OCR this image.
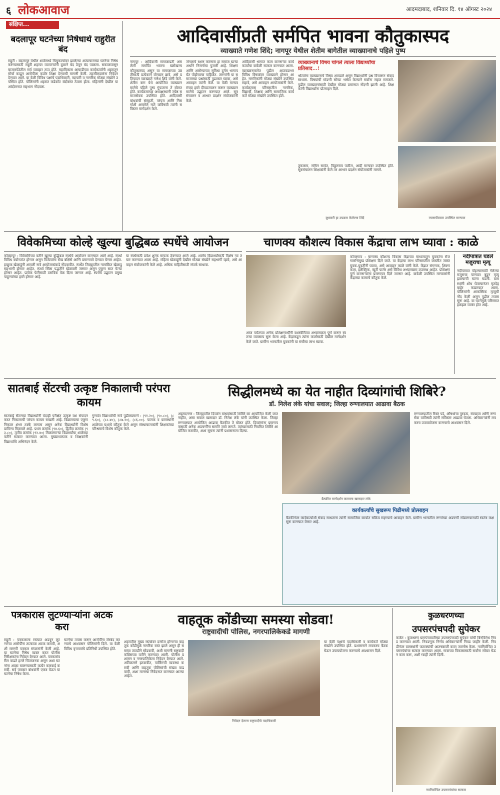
६ लोकआवाज	आदमदाबाद, शनिवार दि. १४ ऑगस्ट २०२४
संक्षिप्त...
बदलापूर घटनेच्या निषेधार्थ राहुरीत बंद
राहुरी : बदलापूर येथील शाळेमध्ये चिमुकल्यांवर झालेल्या अत्याचाराच्या घटनेचा निषेध करण्यासाठी राहुरी शहरात व्यापाऱ्यांनी दुकाने बंद ठेवून बंद पाळला. सकाळपासून बाजारपेठेतील सर्व व्यवहार ठप्प होते. महाविकास आघाडीच्या कार्यकर्त्यांनी शहरातून मोर्चा काढून आरोपीला कठोर शिक्षा देण्याची मागणी केली. तहसीलदारांना निवेदन देण्यात आले. या वेळी विविध पक्षांचे पदाधिकारी, व्यापारी व नागरिक मोठ्या संख्येने उपस्थित होते. पोलिसांनी शहरात कडेकोट बंदोबस्त ठेवला होता. महिलांनी देखील या आंदोलनात सहभाग नोंदवला.
आदिवासींप्रती सर्मपित भावना कौतुकास्पद
व्याख्याते गणेश शिंदे; नागपूर येथील शेतीम बागेतील व्याख्यानाचे पहिले पुष्प
नागपूर : आदिवासी समाजाप्रती असलेली समर्पित भावना खरोखरच कौतुकास्पद असून या समाजाच्या उन्नतीसाठी प्रत्येकाने योगदान द्यावे, असे प्रतिपादन व्याख्याते गणेश शिंदे यांनी केले. शेतीम बाग येथे आयोजित व्याख्यानमालेचे पहिले पुष्प गुंफताना ते बोलत होते. कार्यक्रमाच्या अध्यक्षस्थानी ज्येष्ठ समाजसेवक उपस्थित होते. आदिवासी बांधवांची संस्कृती, परंपरा आणि निसर्गाशी असलेले नाते याविषयी त्यांनी सविस्तर मार्गदर्शन केले.
जंगलाचे रक्षण करणारा हा समाज खऱ्या अर्थाने निसर्गाचा पुजारी आहे. शिक्षण आणि आरोग्याच्या सुविधा दुर्गम भागापर्यंत पोहोचल्या पाहिजेत. तरुणांनी या समाजाच्या प्रश्नांसाठी पुढाकार घ्यावा, असे आवाहन त्यांनी केले. या वेळी मान्यवरांच्या हस्ते दीपप्रज्वलन करून व्याख्यानमालेचे उद्घाटन करण्यात आले. सूत्रसंचालन व आभार प्रदर्शन संयोजकांनी केले.
आदिवासी भागात काम करणाऱ्या कार्यकर्त्यांचा यावेळी सत्कार करण्यात आला. व्याख्यानमालेत पुढील आठवडाभर विविध विषयांवर व्याख्याने होणार आहेत. नागरिकांनी मोठ्या संख्येने उपस्थित राहावे, असे आवाहन आयोजकांनी केले. कार्यक्रमास परिसरातील नागरिक, विद्यार्थी, शिक्षक आणि सामाजिक कार्यकर्ते मोठ्या संख्येने उपस्थित होते.
व्याख्यानाचे विषय चांगले त्याला विद्यार्थ्यांचा प्रतिसाद...!
श्रोत्यांना व्याख्यानाचे विषय आवडले असून विद्यार्थ्यांनी प्रश्न विचारून संवाद साधला. विषयांची मांडणी सोप्या भाषेत केल्याने सर्वांना सहज समजले. पुढील व्याख्यानांसाठी देखील मोठ्या प्रमाणात नोंदणी झाली आहे. शिक्षकांनी विद्यार्थ्यांना प्रोत्साहन दिले.
तुकाराम, सचिन सावंत, विठ्ठलराव पाटील, आदी मान्यवर उपस्थित होते. सूत्रसंचालन शिक्षकांनी केले तर आभार प्रदर्शन संयोजकांनी मानले.
बुधवारी हा उपक्रम केलेल्या शिंदे	व्यासपीठावर उपस्थित मान्यवर
विवेकमिच्या कोल्हे खुल्या बुद्धिबळ स्पर्धेचे आयोजन
कोल्हापूर : विवेकमिच्या वतीने खुल्या बुद्धिबळ स्पर्धेचे आयोजन करण्यात आले आहे. स्पर्धा विविध वयोगटांत होणार असून विजेत्यांना रोख बक्षिसे आणि प्रमाणपत्रे देण्यात येणार आहेत. इच्छुक खेळाडूंनी आपली नावे आयोजकांकडे नोंदवावीत. स्पर्धेत जिल्ह्यातील नामांकित खेळाडू सहभागी होणार आहेत. स्पर्धा स्विस पद्धतीने खेळवली जाणार असून एकूण सात फेऱ्या होणार आहेत. प्रत्येक फेरीसाठी ठराविक वेळ दिला जाणार आहे. स्पर्धेचे उद्घाटन प्रमुख पाहुण्यांच्या हस्ते होणार आहे.
या स्पर्धेसाठी प्रवेश शुल्क माफक ठेवण्यात आले आहे. शालेय विद्यार्थ्यांसाठी विशेष गट तयार करण्यात आला आहे. महिला खेळाडूंनी देखील मोठ्या संख्येने सहभागी व्हावे, असे आवाहन संयोजकांनी केले आहे. अधिक माहितीसाठी संपर्क साधावा.
चाणक्य कौशल्य विकास केंद्राचा लाभ घ्यावा : काळे
कोपरगाव : चाणक्य कौशल्य विकास केंद्राच्या माध्यमातून युवकांना रोजगाराभिमुख प्रशिक्षण दिले जाते. या केंद्राचा लाभ परिसरातील जास्तीत जास्त युवक-युवतींनी घ्यावा, असे आवाहन काळे यांनी केले. केंद्रात संगणक, शिवणकाम, इलेक्ट्रिक, ब्युटी पार्लर असे विविध अभ्यासक्रम उपलब्ध आहेत. प्रशिक्षण पूर्ण करणाऱ्यांना प्रमाणपत्र दिले जाणार आहे. यावेळी उपस्थित मान्यवरांनी केंद्राच्या कामाचे कौतुक केले.
आज पर्यंतच्या अनेक प्रशिक्षणार्थींनी यशस्वीरीत्या अभ्यासक्रम पूर्ण करून स्वतःचा व्यवसाय सुरू केला आहे. केंद्राकडून त्यांना कर्जासाठी देखील मार्गदर्शन केले जाते. ग्रामीण भागातील युवकांनी या संधीचा लाभ घ्यावा.
नदीपात्रात घडले मजुराचा मृत्यू
नदीपात्रात पोहण्यासाठी गेलेल्या मजुराचा पाण्यात बुडून मृत्यू झाल्याची घटना घडली. ग्रामस्थांनी शोध घेतल्यानंतर मृतदेह बाहेर काढण्यात आला. पोलिसांनी आकस्मिक मृत्यूची नोंद केली असून पुढील तपास सुरू आहे. या घटनेमुळे परिसरात हळहळ व्यक्त होत आहे.
सातबाई सेंटरची उत्कृष्ट निकालाची परंपरा कायम
सातबाई सेंटरच्या विद्यार्थ्यांनी यंदाही परीक्षेत उत्कृष्ट यश संपादन करत निकालाची परंपरा कायम राखली आहे. विद्यालयाचा एकूण निकाल शंभर टक्के लागला असून अनेक विद्यार्थ्यांनी विशेष प्राविण्य मिळवले आहे. प्रथम क्रमांक (९४.६०), द्वितीय क्रमांक (९३.८०), तृतीय क्रमांक (९२.४०) मिळवणाऱ्या विद्यार्थ्यांचा शाळेच्या वतीने सत्कार करण्यात आला. मुख्याध्यापक व शिक्षकांनी विद्यार्थ्यांचे अभिनंदन केले.
गुणवंत विद्यार्थ्यांची नावे पुढीलप्रमाणे : (९१.२०), (९०.८०), (८९.६०), (८८.४०), (८७.२०), (८६.००). पालक व ग्रामस्थांनी शाळेच्या यशाचे कौतुक केले असून संस्थाचालकांनी शिक्षकांच्या परिश्रमाचे विशेष कौतुक केले.
सिद्धीलमध्ये का येत नाहीत दिव्यांगांची शिबिरे?
डॉ. निलेश लंके यांचा सवाल; जिल्हा रुग्णालयात आढावा बैठक
अहमदनगर : जिल्ह्यातील दिव्यांग बांधवांसाठी शिबिरे का आयोजित केली जात नाहीत, असा सवाल खासदार डॉ. निलेश लंके यांनी उपस्थित केला. जिल्हा रुग्णालयात आयोजित आढावा बैठकीत ते बोलत होते. दिव्यांगांना प्रमाणपत्रासाठी अनेक अडचणींना सामोरे जावे लागते. त्यांच्यासाठी नियमित शिबिरे आयोजित करावीत, अशा सूचना त्यांनी प्रशासनाला दिल्या.
बैठकीत मार्गदर्शन करताना खासदार लंके
रुग्णालयातील रिक्त पदे, औषधांचा पुरवठा, स्वच्छता आणि रुग्णसेवा याविषयी त्यांनी सविस्तर आढावा घेतला. अधिकाऱ्यांनी लवकरच उपाययोजना करण्याचे आश्वासन दिले.
कार्यकर्त्यांचे सुखरूप पिढीमध्ये प्रोत्साहन
बैठकीनंतर कार्यकर्त्यांशी संवाद साधताना त्यांनी सामाजिक कार्यात सक्रिय राहण्याचे आवाहन केले. ग्रामीण भागातील रुग्णांच्या अडचणी सोडवण्यासाठी स्वतंत्र कक्ष सुरू करण्यात येणार आहे.
पत्रकारास लुटण्याऱ्यांना अटक करा
राहुरी : पत्रकाराला रस्त्यात अडवून लुटणाऱ्या आरोपींना तात्काळ अटक करावी, अशी मागणी पत्रकार संघटनांनी केली आहे. या घटनेचा निषेध व्यक्त करत पोलीस निरीक्षकांना निवेदन देण्यात आले. पत्रकारांवरील वाढते हल्ले चिंताजनक असून अशा घटनांना आळा घालण्यासाठी कठोर कारवाई करावी. सर्व पत्रकार बांधवांनी एकत्र येऊन या घटनेचा निषेध केला.
घटनेचा तपास करून आरोपींना जेरबंद करण्याचे आश्वासन पोलिसांनी दिले. या वेळी विविध वृत्तपत्रांचे प्रतिनिधी उपस्थित होते.
वाहतूक कोंडीच्या समस्या सोडवा!
राष्ट्रवादीची पोलिस, नगरपालिकेकडे मागणी
शहरातील मुख्य रस्त्यांवर दररोज होणाऱ्या वाहतूक कोंडीमुळे नागरिक त्रस्त झाले असून ही समस्या तातडीने सोडवावी, अशी मागणी राष्ट्रवादी काँग्रेसच्या वतीने करण्यात आली. पोलीस प्रशासन व नगरपालिकेला निवेदन देण्यात आले. अतिक्रमणे हटवावीत, पार्किंगची व्यवस्था करावी आणि वाहतूक पोलिसांची संख्या वाढवावी, अशा मागण्या निवेदनात करण्यात आल्या आहेत.
निवेदन देताना राष्ट्रवादीचे पदाधिकारी
या वेळी पक्षाचे पदाधिकारी व कार्यकर्ते मोठ्या संख्येने उपस्थित होते. प्रशासनाने लवकरच बैठक घेऊन उपाययोजना करण्याचे आश्वासन दिले.
कुळधरणच्या
उपसरपंचपदी सुपेकर
कर्जत : कुळधरण ग्रामपंचायतीच्या उपसरपंचपदी सुपेकर यांची बिनविरोध निवड करण्यात आली. निवडणूक निर्णय अधिकाऱ्यांनी निवड जाहीर केली. निवडीनंतर ग्रामस्थांनी फटाक्यांची आतषबाजी करत जल्लोष केला. नवनिर्वाचित उपसरपंचांचा सत्कार करण्यात आला. गावाच्या विकासासाठी सर्वांना सोबत घेऊन काम करू, अशी ग्वाही त्यांनी दिली.
नवनिर्वाचित उपसरपंचांचा सत्कार
